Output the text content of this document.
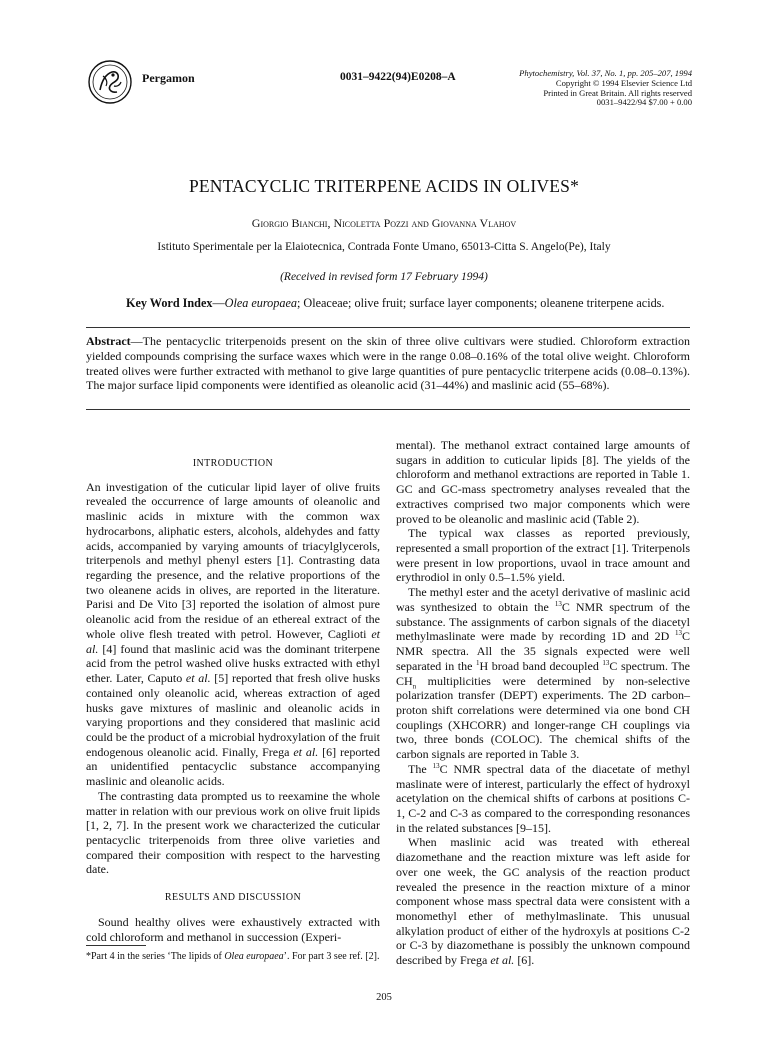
Pergamon	0031–9422(94)E0208–A	Phytochemistry, Vol. 37, No. 1, pp. 205–207, 1994
Copyright © 1994 Elsevier Science Ltd
Printed in Great Britain. All rights reserved
0031–9422/94 $7.00 + 0.00
PENTACYCLIC TRITERPENE ACIDS IN OLIVES*
Giorgio Bianchi, Nicoletta Pozzi and Giovanna Vlahov
Istituto Sperimentale per la Elaiotecnica, Contrada Fonte Umano, 65013-Citta S. Angelo(Pe), Italy
(Received in revised form 17 February 1994)
Key Word Index—Olea europaea; Oleaceae; olive fruit; surface layer components; oleanene triterpene acids.
Abstract—The pentacyclic triterpenoids present on the skin of three olive cultivars were studied. Chloroform extraction yielded compounds comprising the surface waxes which were in the range 0.08–0.16% of the total olive weight. Chloroform treated olives were further extracted with methanol to give large quantities of pure pentacyclic triterpene acids (0.08–0.13%). The major surface lipid components were identified as oleanolic acid (31–44%) and maslinic acid (55–68%).
INTRODUCTION

An investigation of the cuticular lipid layer of olive fruits revealed the occurrence of large amounts of oleanolic and maslinic acids in mixture with the common wax hydrocarbons, aliphatic esters, alcohols, aldehydes and fatty acids, accompanied by varying amounts of triacylglycerols, triterpenols and methyl phenyl esters [1]. Contrasting data regarding the presence, and the relative proportions of the two oleanene acids in olives, are reported in the literature. Parisi and De Vito [3] reported the isolation of almost pure oleanolic acid from the residue of an ethereal extract of the whole olive flesh treated with petrol. However, Caglioti et al. [4] found that maslinic acid was the dominant triterpene acid from the petrol washed olive husks extracted with ethyl ether. Later, Caputo et al. [5] reported that fresh olive husks contained only oleanolic acid, whereas extraction of aged husks gave mixtures of maslinic and oleanolic acids in varying proportions and they considered that maslinic acid could be the product of a microbial hydroxylation of the fruit endogenous oleanolic acid. Finally, Frega et al. [6] reported an unidentified pentacyclic substance accompanying maslinic and oleanolic acids.

The contrasting data prompted us to reexamine the whole matter in relation with our previous work on olive fruit lipids [1, 2, 7]. In the present work we characterized the cuticular pentacyclic triterpenoids from three olive varieties and compared their composition with respect to the harvesting date.

RESULTS AND DISCUSSION

Sound healthy olives were exhaustively extracted with cold chloroform and methanol in succession (Experi-

*Part 4 in the series ‘The lipids of Olea europaea’. For part 3 see ref. [2].

mental). The methanol extract contained large amounts of sugars in addition to cuticular lipids [8]. The yields of the chloroform and methanol extractions are reported in Table 1. GC and GC-mass spectrometry analyses revealed that the extractives comprised two major components which were proved to be oleanolic and maslinic acid (Table 2).

The typical wax classes as reported previously, represented a small proportion of the extract [1]. Triterpenols were present in low proportions, uvaol in trace amount and erythrodiol in only 0.5–1.5% yield.

The methyl ester and the acetyl derivative of maslinic acid was synthesized to obtain the $^{13}$C NMR spectrum of the substance. The assignments of carbon signals of the diacetyl methylmaslinate were made by recording 1D and 2D $^{13}$C NMR spectra. All the 35 signals expected were well separated in the $^1$H broad band decoupled $^{13}$C spectrum. The $CH_n$ multiplicities were determined by non-selective polarization transfer (DEPT) experiments. The 2D carbon–proton shift correlations were determined via one bond CH couplings (XHCORR) and longer-range CH couplings via two, three bonds (COLOC). The chemical shifts of the carbon signals are reported in Table 3.

The $^{13}$C NMR spectral data of the diacetate of methyl maslinate were of interest, particularly the effect of hydroxyl acetylation on the chemical shifts of carbons at positions C-1, C-2 and C-3 as compared to the corresponding resonances in the related substances [9–15].

When maslinic acid was treated with ethereal diazomethane and the reaction mixture was left aside for over one week, the GC analysis of the reaction product revealed the presence in the reaction mixture of a minor component whose mass spectral data were consistent with a monomethyl ether of methylmaslinate. This unusual alkylation product of either of the hydroxyls at positions C-2 or C-3 by diazomethane is possibly the unknown compound described by Frega et al. [6].

205
